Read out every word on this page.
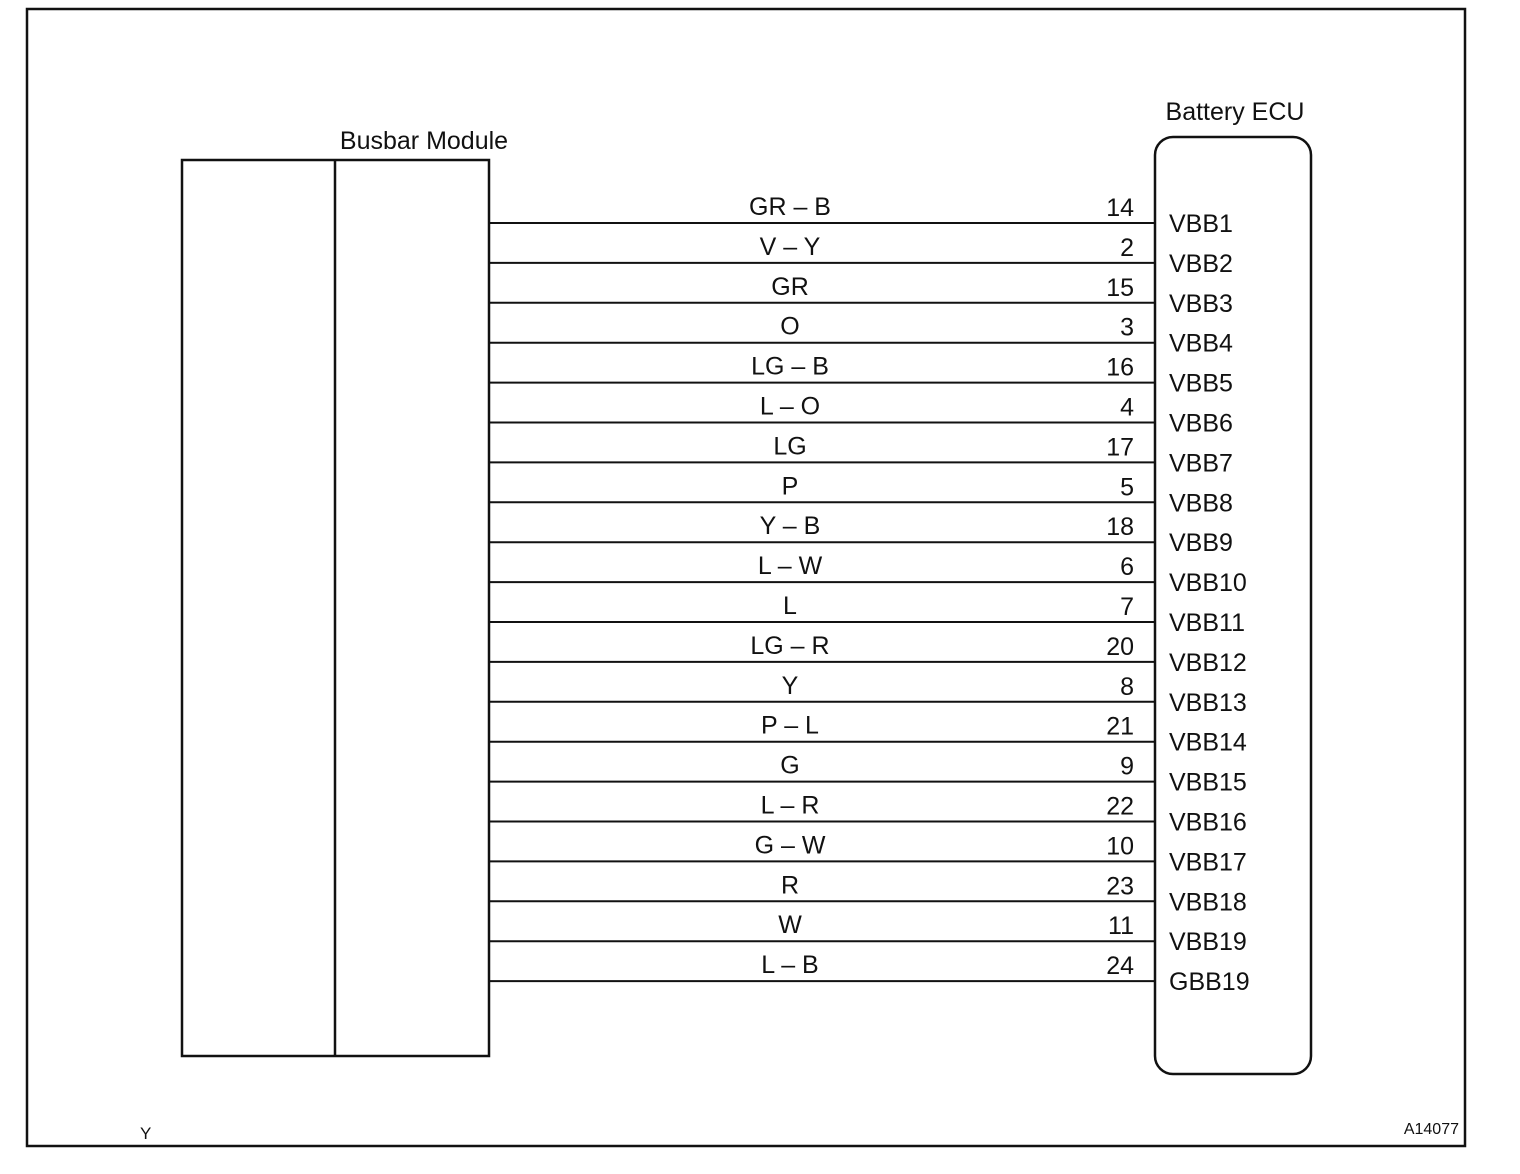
Busbar Module
Battery ECU
GR – B	14
VBB1
V – Y	2
VBB2
GR	15
VBB3
O	3
VBB4
LG – B	16
VBB5
L – O	4
VBB6
LG	17
VBB7
P	5
VBB8
Y – B	18
VBB9
L – W	6
VBB10
L	7
VBB11
LG – R	20
VBB12
Y	8
VBB13
P – L	21
VBB14
G	9
VBB15
L – R	22
VBB16
G – W	10
VBB17
R	23
VBB18
W	11
VBB19
L – B	24
GBB19
Y	A14077
